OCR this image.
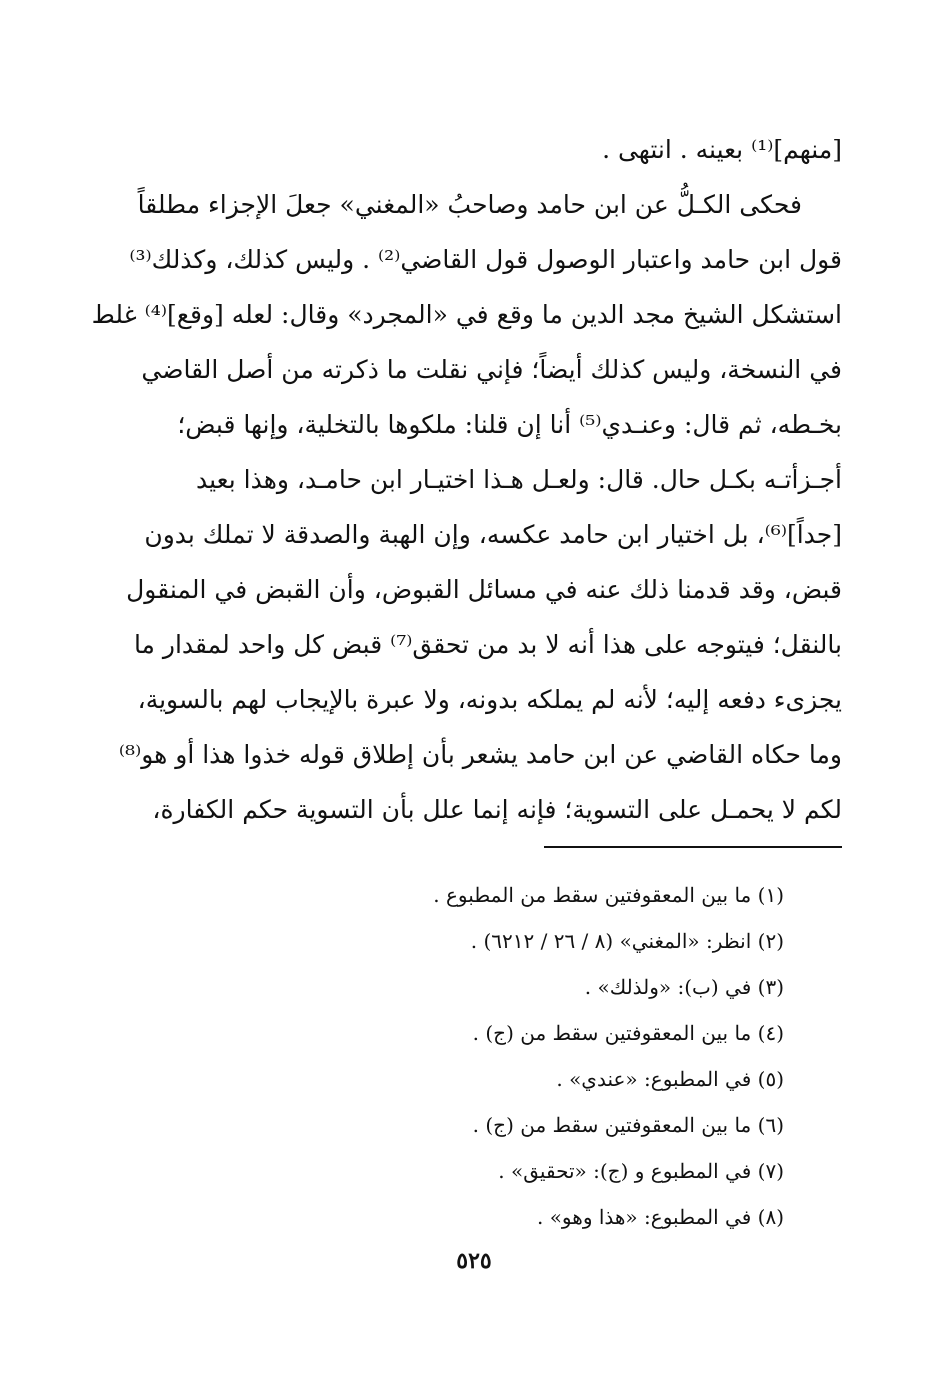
[منهم]⁽¹⁾ بعينه . انتهى .
فحكى الكـلُّ عن ابن حامد وصاحبُ «المغني» جعلَ الإجزاء مطلقاً
قول ابن حامد واعتبار الوصول قول القاضي⁽²⁾ . وليس كذلك، وكذلك⁽³⁾
استشكل الشيخ مجد الدين ما وقع في «المجرد» وقال: لعله [وقع]⁽⁴⁾ غلط
في النسخة، وليس كذلك أيضاً؛ فإني نقلت ما ذكرته من أصل القاضي
بخـطه، ثم قال: وعنـدي⁽⁵⁾ أنا إن قلنا: ملكوها بالتخلية، وإنها قبض؛
أجـزأتـه بكـل حال. قال: ولعـل هـذا اختيـار ابن حامـد، وهذا بعيد
[جداً]⁽⁶⁾، بل اختيار ابن حامد عكسه، وإن الهبة والصدقة لا تملك بدون
قبض، وقد قدمنا ذلك عنه في مسائل القبوض، وأن القبض في المنقول
بالنقل؛ فيتوجه على هذا أنه لا بد من تحقق⁽⁷⁾ قبض كل واحد لمقدار ما
يجزىء دفعه إليه؛ لأنه لم يملكه بدونه، ولا عبرة بالإيجاب لهم بالسوية،
وما حكاه القاضي عن ابن حامد يشعر بأن إطلاق قوله خذوا هذا أو هو⁽⁸⁾
لكم لا يحمـل على التسوية؛ فإنه إنما علل بأن التسوية حكم الكفارة،
(١) ما بين المعقوفتين سقط من المطبوع .
(٢) انظر: «المغني» (٨ / ٢٦ / ٦٢١٢) .
(٣) في (ب): «ولذلك» .
(٤) ما بين المعقوفتين سقط من (ج) .
(٥) في المطبوع: «عندي» .
(٦) ما بين المعقوفتين سقط من (ج) .
(٧) في المطبوع و (ج): «تحقيق» .
(٨) في المطبوع: «هذا وهو» .
٥٢٥
